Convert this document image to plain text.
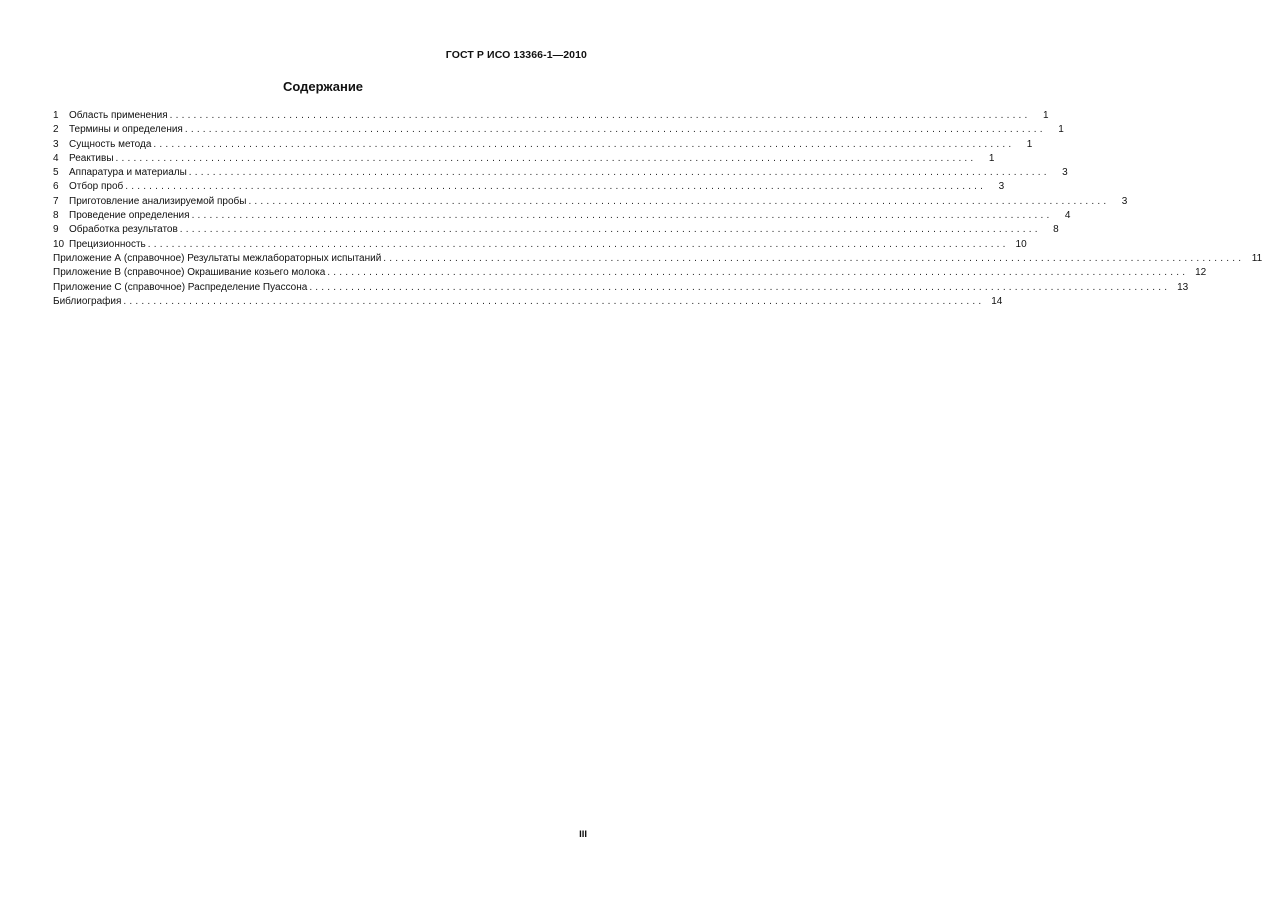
ГОСТ Р ИСО 13366-1—2010
Содержание
1	Область применения ................................................................................................................................................	1
2	Термины и определения ................................................................................................................................................	1
3	Сущность метода ................................................................................................................................................	1
4	Реактивы ................................................................................................................................................	1
5	Аппаратура и материалы ................................................................................................................................................	3
6	Отбор проб ................................................................................................................................................	3
7	Приготовление анализируемой пробы ................................................................................................................................................	3
8	Проведение определения ................................................................................................................................................	4
9	Обработка результатов ................................................................................................................................................	8
10 Прецизионность ................................................................................................................................................ 10
Приложение А (справочное) Результаты межлабораторных испытаний ................................................................................................................................................ 11
Приложение В (справочное) Окрашивание козьего молока ................................................................................................................................................ 12
Приложение С (справочное) Распределение Пуассона ................................................................................................................................................ 13
Библиография ................................................................................................................................................ 14
III
